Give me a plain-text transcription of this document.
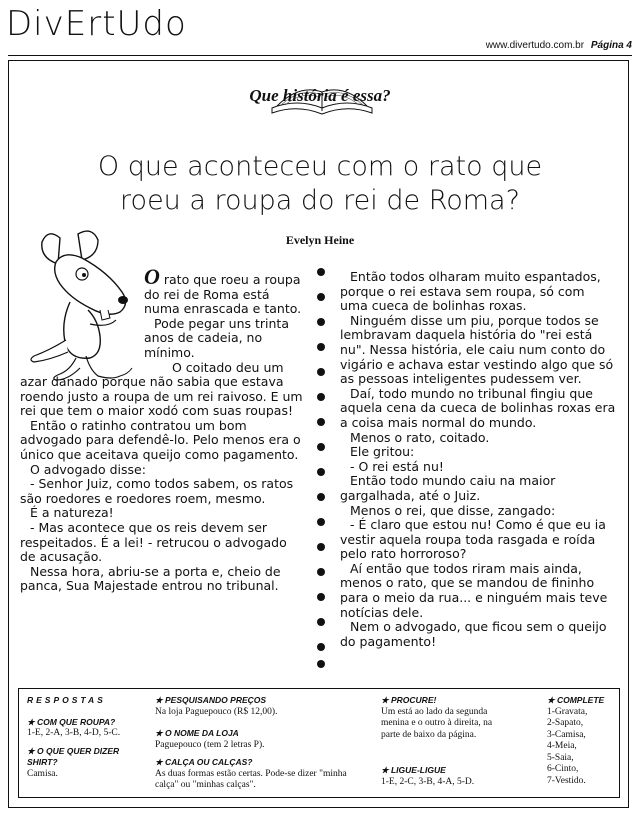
DivErtUdo
www.divertudo.com.br Página 4
Que história é essa?
O que aconteceu com o rato que
roeu a roupa do rei de Roma?
Evelyn Heine

O rato que roeu a roupa do rei de Roma está numa enrascada e tanto.

Pode pegar uns trinta anos de cadeia, no mínimo.

O coitado deu um

azar danado porque não sabia que estava roendo justo a roupa de um rei raivoso. E um rei que tem o maior xodó com suas roupas!

Então o ratinho contratou um bom advogado para defendê-lo. Pelo menos era o único que aceitava queijo como pagamento.

O advogado disse:

- Senhor Juiz, como todos sabem, os ratos são roedores e roedores roem, mesmo.

É a natureza!

- Mas acontece que os reis devem ser respeitados. É a lei! - retrucou o advogado de acusação.

Nessa hora, abriu-se a porta e, cheio de panca, Sua Majestade entrou no tribunal.

Então todos olharam muito espantados, porque o rei estava sem roupa, só com uma cueca de bolinhas roxas.

Ninguém disse um piu, porque todos se lembravam daquela história do "rei está nu". Nessa história, ele caiu num conto do vigário e achava estar vestindo algo que só as pessoas inteligentes pudessem ver.

Daí, todo mundo no tribunal fingiu que aquela cena da cueca de bolinhas roxas era a coisa mais normal do mundo.

Menos o rato, coitado.

Ele gritou:

- O rei está nu!

Então todo mundo caiu na maior gargalhada, até o Juiz.

Menos o rei, que disse, zangado:

- É claro que estou nu! Como é que eu ia vestir aquela roupa toda rasgada e roída pelo rato horroroso?

Aí então que todos riram mais ainda, menos o rato, que se mandou de fininho para o meio da rua... e ninguém mais teve notícias dele.

Nem o advogado, que ficou sem o queijo do pagamento!

RESPOSTAS
★ COM QUE ROUPA?

1-E, 2-A, 3-B, 4-D, 5-C.

★ O QUE QUER DIZER SHIRT?

Camisa.

★ PESQUISANDO PREÇOS

Na loja Paguepouco (R$ 12,00).

★ O NOME DA LOJA

Paguepouco (tem 2 letras P).

★ CALÇA OU CALÇAS?

As duas formas estão certas. Pode-se dizer "minha calça" ou "minhas calças".

★ PROCURE!

Um está ao lado da segunda menina e o outro à direita, na parte de baixo da página.

★ LIGUE-LIGUE

1-E, 2-C, 3-B, 4-A, 5-D.

★ COMPLETE

1-Gravata,

2-Sapato,

3-Camisa,

4-Meia,

5-Saia,

6-Cinto,

7-Vestido.
